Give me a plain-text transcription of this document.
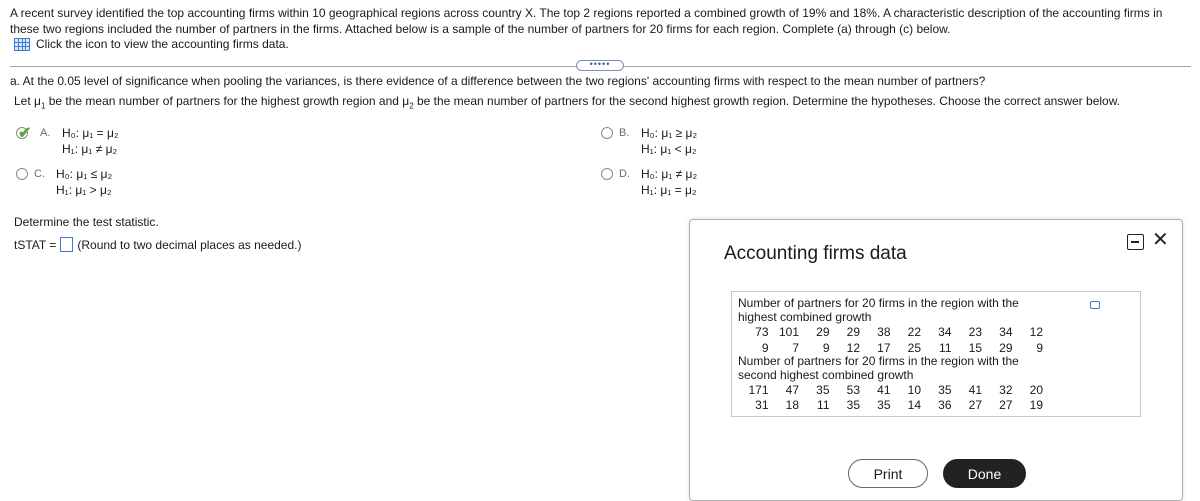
A recent survey identified the top accounting firms within 10 geographical regions across country X. The top 2 regions reported a combined growth of 19% and 18%. A characteristic description of the accounting firms in these two regions included the number of partners in the firms. Attached below is a sample of the number of partners for 20 firms for each region. Complete (a) through (c) below.
Click the icon to view the accounting firms data.
•••••
a. At the 0.05 level of significance when pooling the variances, is there evidence of a difference between the two regions' accounting firms with respect to the mean number of partners?
Let $\mu_1$ be the mean number of partners for the highest growth region and $\mu_2$ be the mean number of partners for the second highest growth region. Determine the hypotheses. Choose the correct answer below.
✔ A. H₀: μ₁ = μ₂
H₁: μ₁ ≠ μ₂
B. H₀: μ₁ ≥ μ₂
H₁: μ₁ < μ₂
C. H₀: μ₁ ≤ μ₂
H₁: μ₁ > μ₂
D. H₀: μ₁ ≠ μ₂
H₁: μ₁ = μ₂
Determine the test statistic.
tSTAT = (Round to two decimal places as needed.)	Accounting firms data
✕
Number of partners for 20 firms in the region with the highest combined growth
73 101	29	29	38	22	34	23	34	12
9	7	9	12	17	25	11	15	29	9
Number of partners for 20 firms in the region with the second highest combined growth
171	47	35	53	41	10	35	41	32	20
31	18	11	35	35	14	36	27	27	19
Print	Done
